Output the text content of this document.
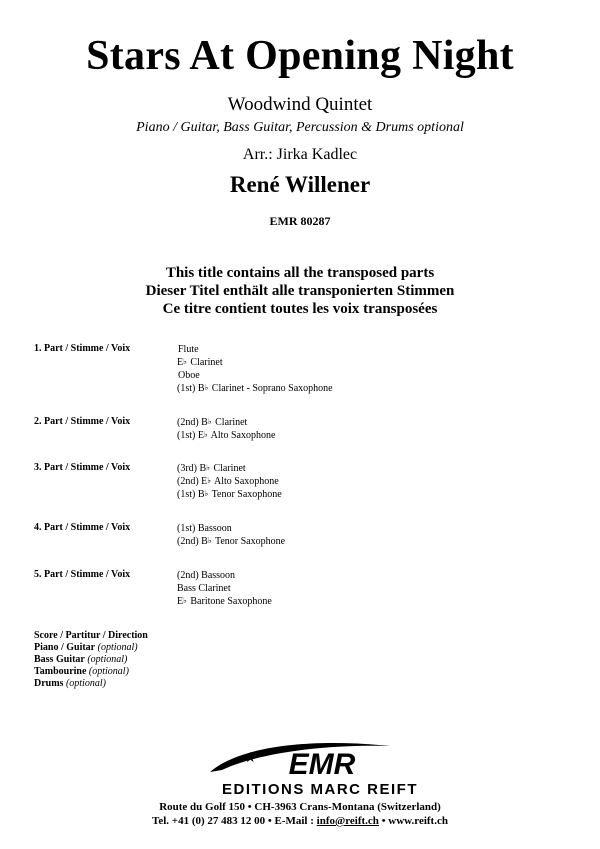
Stars At Opening Night
Woodwind Quintet
Piano / Guitar, Bass Guitar, Percussion & Drums optional
Arr.: Jirka Kadlec
René Willener
EMR 80287
This title contains all the transposed parts
Dieser Titel enthält alle transponierten Stimmen
Ce titre contient toutes les voix transposées
1. Part / Stimme / Voix	Flute
E♭ Clarinet
Oboe
(1st) B♭ Clarinet - Soprano Saxophone
2. Part / Stimme / Voix	(2nd) B♭ Clarinet
(1st) E♭ Alto Saxophone
3. Part / Stimme / Voix	(3rd) B♭ Clarinet
(2nd) E♭ Alto Saxophone
(1st) B♭ Tenor Saxophone
4. Part / Stimme / Voix	(1st) Bassoon
(2nd) B♭ Tenor Saxophone
5. Part / Stimme / Voix	(2nd) Bassoon
Bass Clarinet
E♭ Baritone Saxophone
Score / Partitur / Direction
Piano / Guitar (optional)
Bass Guitar (optional)
Tambourine (optional)
Drums (optional)
★ EMR
EDITIONS MARC REIFT
Route du Golf 150 • CH-3963 Crans-Montana (Switzerland)
Tel. +41 (0) 27 483 12 00 • E-Mail : info@reift.ch • www.reift.ch
